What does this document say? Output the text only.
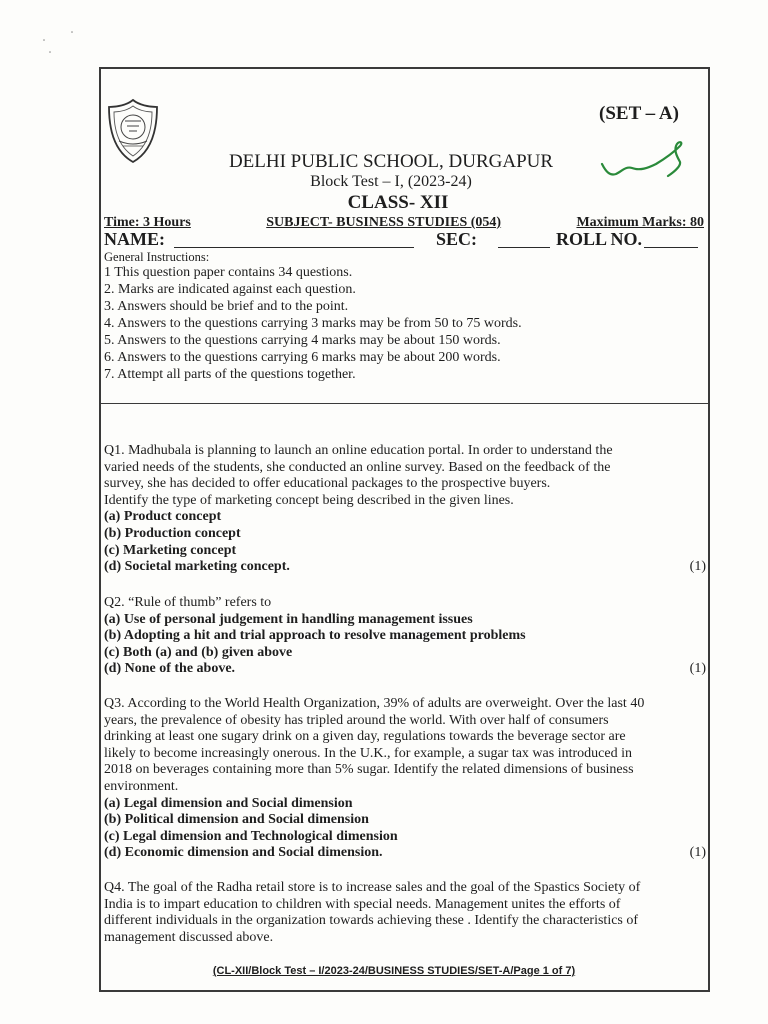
(SET – A)
DELHI PUBLIC SCHOOL, DURGAPUR
Block Test – I, (2023-24)
CLASS- XII
Time: 3 Hours	SUBJECT- BUSINESS STUDIES (054)	Maximum Marks: 80
NAME:	SEC:	ROLL NO.
General Instructions:
1 This question paper contains 34 questions.
2. Marks are indicated against each question.
3. Answers should be brief and to the point.
4. Answers to the questions carrying 3 marks may be from 50 to 75 words.
5. Answers to the questions carrying 4 marks may be about 150 words.
6. Answers to the questions carrying 6 marks may be about 200 words.
7. Attempt all parts of the questions together.

Q1. Madhubala is planning to launch an online education portal. In order to understand the

varied needs of the students, she conducted an online survey. Based on the feedback of the

survey, she has decided to offer educational packages to the prospective buyers.

Identify the type of marketing concept being described in the given lines.

(a) Product concept
(b) Production concept
(c) Marketing concept
(d) Societal marketing concept.	(1)

Q2. “Rule of thumb” refers to

(a) Use of personal judgement in handling management issues
(b) Adopting a hit and trial approach to resolve management problems
(c) Both (a) and (b) given above
(d) None of the above.	(1)

Q3. According to the World Health Organization, 39% of adults are overweight. Over the last 40

years, the prevalence of obesity has tripled around the world. With over half of consumers

drinking at least one sugary drink on a given day, regulations towards the beverage sector are

likely to become increasingly onerous. In the U.K., for example, a sugar tax was introduced in

2018 on beverages containing more than 5% sugar. Identify the related dimensions of business

environment.

(a) Legal dimension and Social dimension
(b) Political dimension and Social dimension
(c) Legal dimension and Technological dimension
(d) Economic dimension and Social dimension.	(1)

Q4. The goal of the Radha retail store is to increase sales and the goal of the Spastics Society of

India is to impart education to children with special needs. Management unites the efforts of

different individuals in the organization towards achieving these . Identify the characteristics of

management discussed above.

(CL-XII/Block Test – I/2023-24/BUSINESS STUDIES/SET-A/Page 1 of 7)
